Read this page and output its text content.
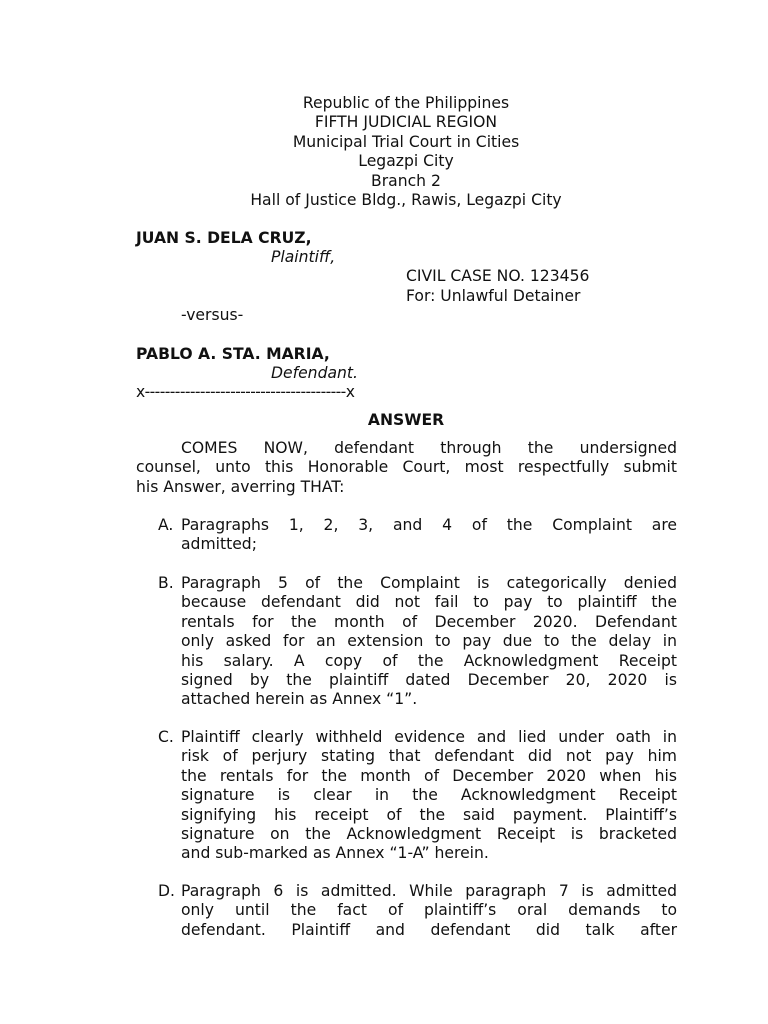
Republic of the Philippines
FIFTH JUDICIAL REGION
Municipal Trial Court in Cities
Legazpi City
Branch 2
Hall of Justice Bldg., Rawis, Legazpi City
JUAN S. DELA CRUZ,
Plaintiff,
CIVIL CASE NO. 123456
For: Unlawful Detainer
-versus-
PABLO A. STA. MARIA,
Defendant.
x----------------------------------------x
ANSWER
COMES NOW, defendant through the undersigned
counsel, unto this Honorable Court, most respectfully submit
his Answer, averring THAT:
A. Paragraphs 1, 2, 3, and 4 of the Complaint are
admitted;
B. Paragraph 5 of the Complaint is categorically denied
because defendant did not fail to pay to plaintiff the
rentals for the month of December 2020. Defendant
only asked for an extension to pay due to the delay in
his salary. A copy of the Acknowledgment Receipt
signed by the plaintiff dated December 20, 2020 is
attached herein as Annex “1”.
C. Plaintiff clearly withheld evidence and lied under oath in
risk of perjury stating that defendant did not pay him
the rentals for the month of December 2020 when his
signature is clear in the Acknowledgment Receipt
signifying his receipt of the said payment. Plaintiff’s
signature on the Acknowledgment Receipt is bracketed
and sub-marked as Annex “1-A” herein.
D. Paragraph 6 is admitted. While paragraph 7 is admitted
only until the fact of plaintiff’s oral demands to
defendant. Plaintiff and defendant did talk after
